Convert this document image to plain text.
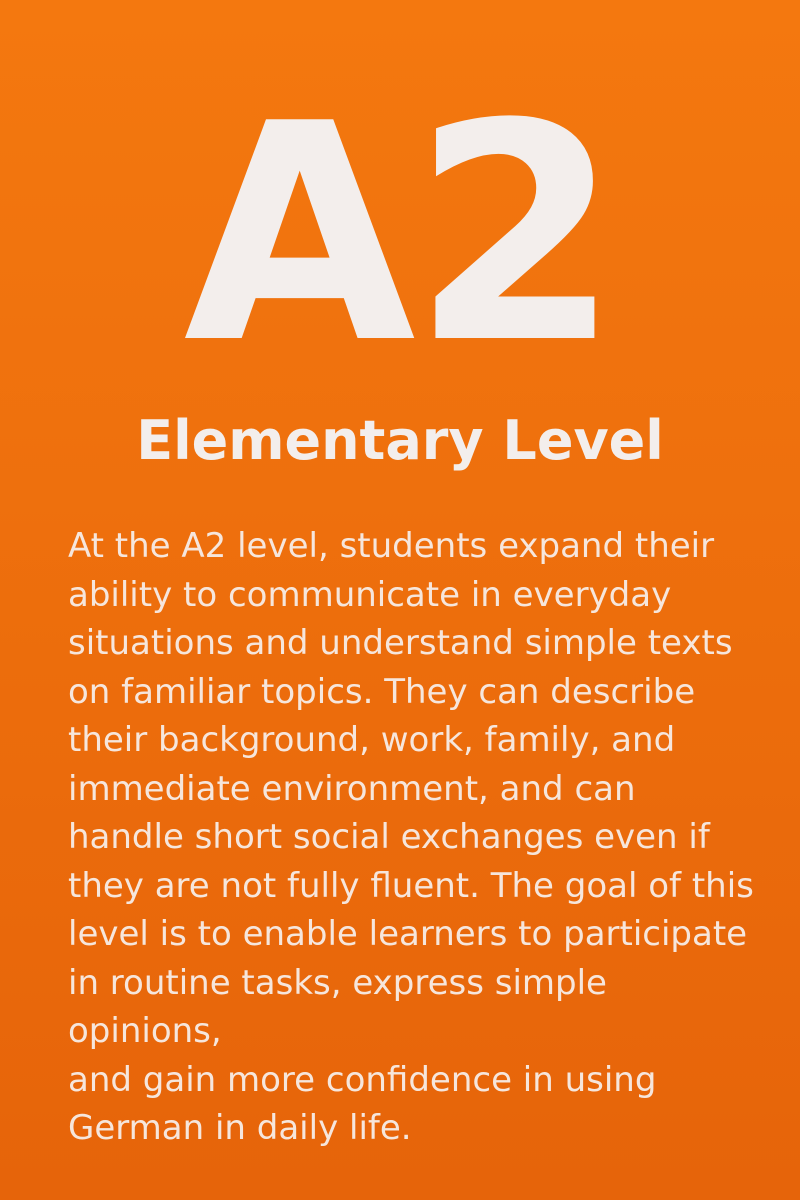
A2
Elementary Level
At the A2 level, students expand their
ability to communicate in everyday
situations and understand simple texts
on familiar topics. They can describe
their background, work, family, and
immediate environment, and can
handle short social exchanges even if
they are not fully fluent. The goal of this
level is to enable learners to participate
in routine tasks, express simple opinions,
and gain more confidence in using
German in daily life.
